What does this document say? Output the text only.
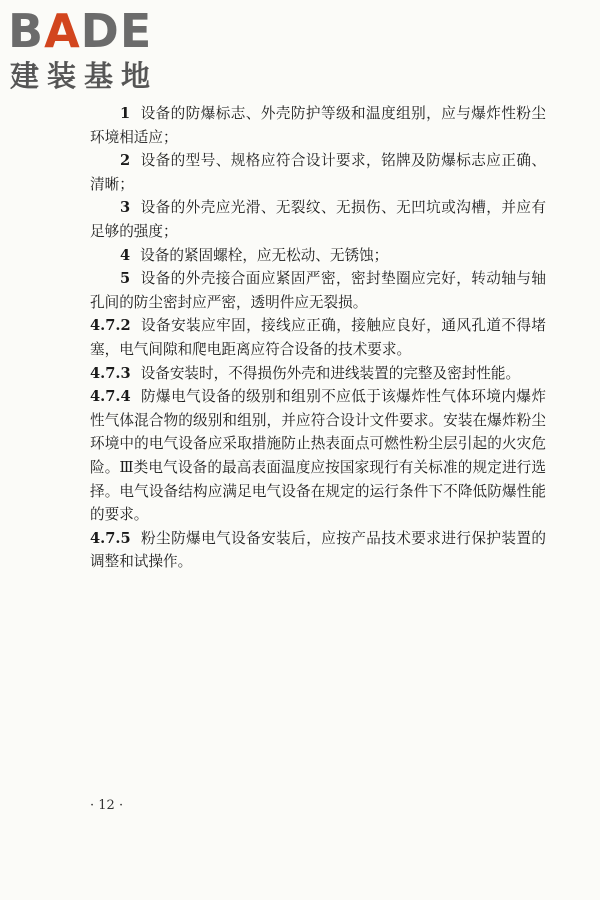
BADE
建装基地

1 设备的防爆标志、外壳防护等级和温度组别，应与爆炸性粉尘环境相适应；

2 设备的型号、规格应符合设计要求，铭牌及防爆标志应正确、清晰；

3 设备的外壳应光滑、无裂纹、无损伤、无凹坑或沟槽，并应有足够的强度；

4 设备的紧固螺栓，应无松动、无锈蚀；

5 设备的外壳接合面应紧固严密，密封垫圈应完好，转动轴与轴孔间的防尘密封应严密，透明件应无裂损。

4.7.2 设备安装应牢固，接线应正确，接触应良好，通风孔道不得堵塞，电气间隙和爬电距离应符合设备的技术要求。

4.7.3 设备安装时，不得损伤外壳和进线装置的完整及密封性能。

4.7.4 防爆电气设备的级别和组别不应低于该爆炸性气体环境内爆炸性气体混合物的级别和组别，并应符合设计文件要求。安装在爆炸粉尘环境中的电气设备应采取措施防止热表面点可燃性粉尘层引起的火灾危险。Ⅲ类电气设备的最高表面温度应按国家现行有关标准的规定进行选择。电气设备结构应满足电气设备在规定的运行条件下不降低防爆性能的要求。

4.7.5 粉尘防爆电气设备安装后，应按产品技术要求进行保护装置的调整和试操作。

· 12 ·
